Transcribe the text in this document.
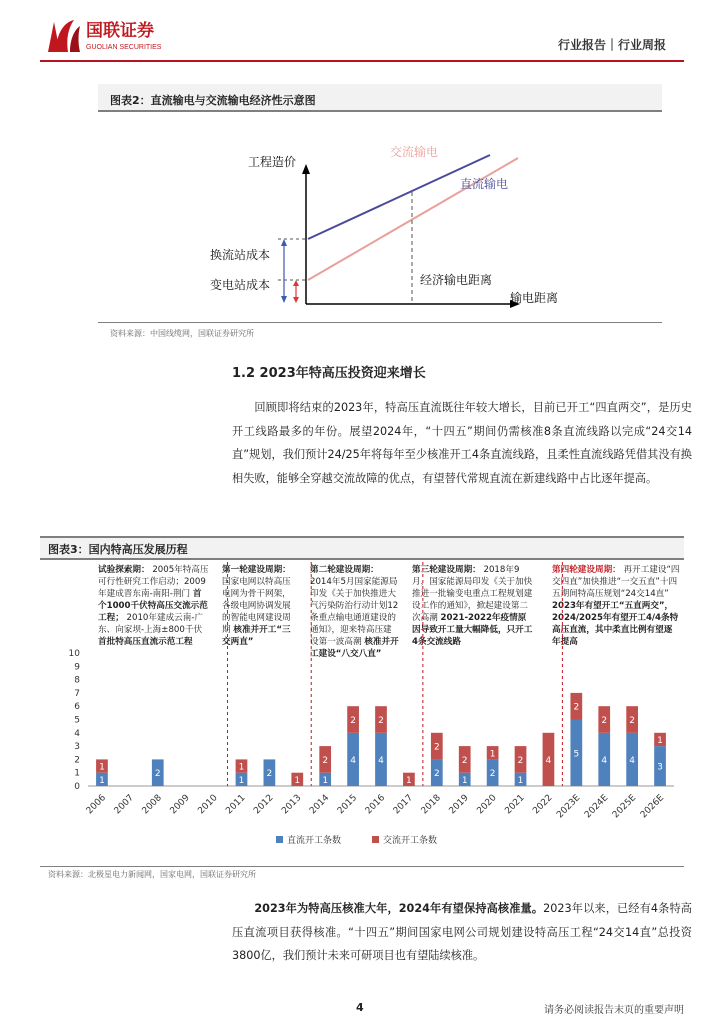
国联证券
GUOLIAN SECURITIES	行业报告｜行业周报
图表2：直流输电与交流输电经济性示意图
工程造价
输电距离
交流输电
直流输电
换流站成本
变电站成本	经济输电距离
资料来源：中国线缆网，国联证券研究所
1.2 2023年特高压投资迎来增长
回顾即将结束的2023年，特高压直流既往年较大增长，目前已开工“四直两交”，是历史开工线路最多的年份。展望2024年，“十四五”期间仍需核准8条直流线路以完成“24交14直”规划，我们预计24/25年将每年至少核准开工4条直流线路，且柔性直流线路凭借其没有换相失败，能够全穿越交流故障的优点，有望替代常规直流在新建线路中占比逐年提高。
图表3：国内特高压发展历程
试验探索期： 2005年特高压可行性研究工作启动；2009年建成晋东南-南阳-荆门 首个1000千伏特高压交流示范工程； 2010年建成云南-广东、向家坝-上海±800千伏 首批特高压直流示范工程
第一轮建设周期： 国家电网以特高压电网为骨干网架，各级电网协调发展的智能电网建设周期 核准并开工“三交两直”
第二轮建设周期： 2014年5月国家能源局印发《关于加快推进大气污染防治行动计划12条重点输电通道建设的通知》，迎来特高压建设第一波高潮 核准并开工建设“八交八直”
第三轮建设周期： 2018年9月，国家能源局印发《关于加快推进一批输变电重点工程规划建设工作的通知》，掀起建设第二次高潮 2021-2022年疫情原因导致开工量大幅降低，只开工4条交流线路
第四轮建设周期： 再开工建设“四交四直”加快推进“一交五直”十四五期间特高压规划“24交14直” 2023年有望开工“五直两交”，2024/2025年有望开工4/4条特高压直流，其中柔直比例有望逐年提高
0
1
2
3
4
5
6
7
8
9
10
1
1
2006 2007
2
2008 2009 2010
1
1
2011
2
2012
1
2013
1
2
2014
4
2
2015
4
2
2016
1
2017
2
2
2018
1
2
2019
2
1
2020
1
2
2021
4
2022
5
2
2023E
4
2
2024E
4
2
2025E
3
1
2026E
直流开工条数	交流开工条数
资料来源：北极星电力新闻网，国家电网，国联证券研究所
2023年为特高压核准大年，2024年有望保持高核准量。2023年以来，已经有4条特高压直流项目获得核准。“十四五”期间国家电网公司规划建设特高压工程“24交14直”总投资3800亿，我们预计未来可研项目也有望陆续核准。
4	请务必阅读报告末页的重要声明
